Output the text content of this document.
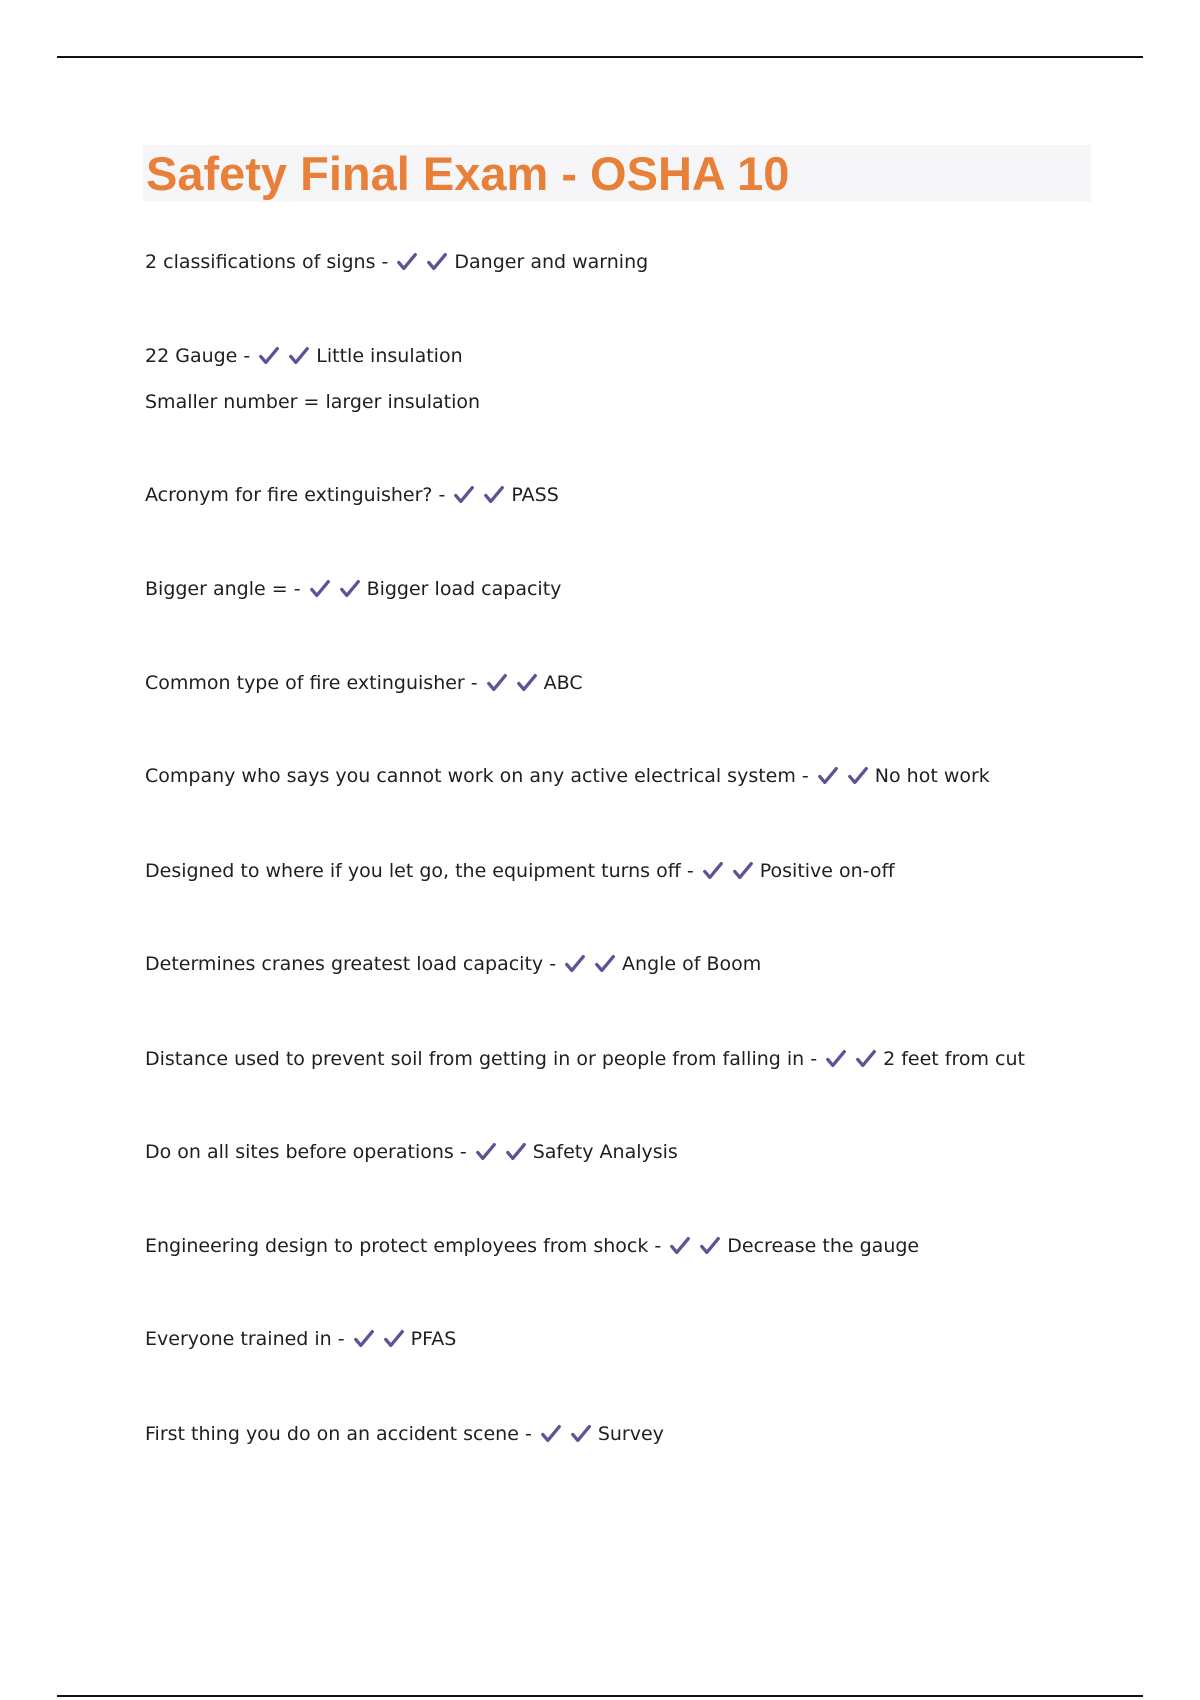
Safety Final Exam - OSHA 10
2 classifications of signs
-	Danger and warning
22 Gauge
-	Little insulation
Smaller number = larger insulation
Acronym for fire extinguisher?
-	PASS
Bigger angle =
-	Bigger load capacity
Common type of fire extinguisher
-	ABC
Company who says you cannot work on any active electrical system
-	No hot work
Designed to where if you let go, the equipment turns off
-	Positive on-off
Determines cranes greatest load capacity
-	Angle of Boom
Distance used to prevent soil from getting in or people from falling in
-	2 feet from cut
Do on all sites before operations
-	Safety Analysis
Engineering design to protect employees from shock
-	Decrease the gauge
Everyone trained in
-	PFAS
First thing you do on an accident scene
-	Survey
